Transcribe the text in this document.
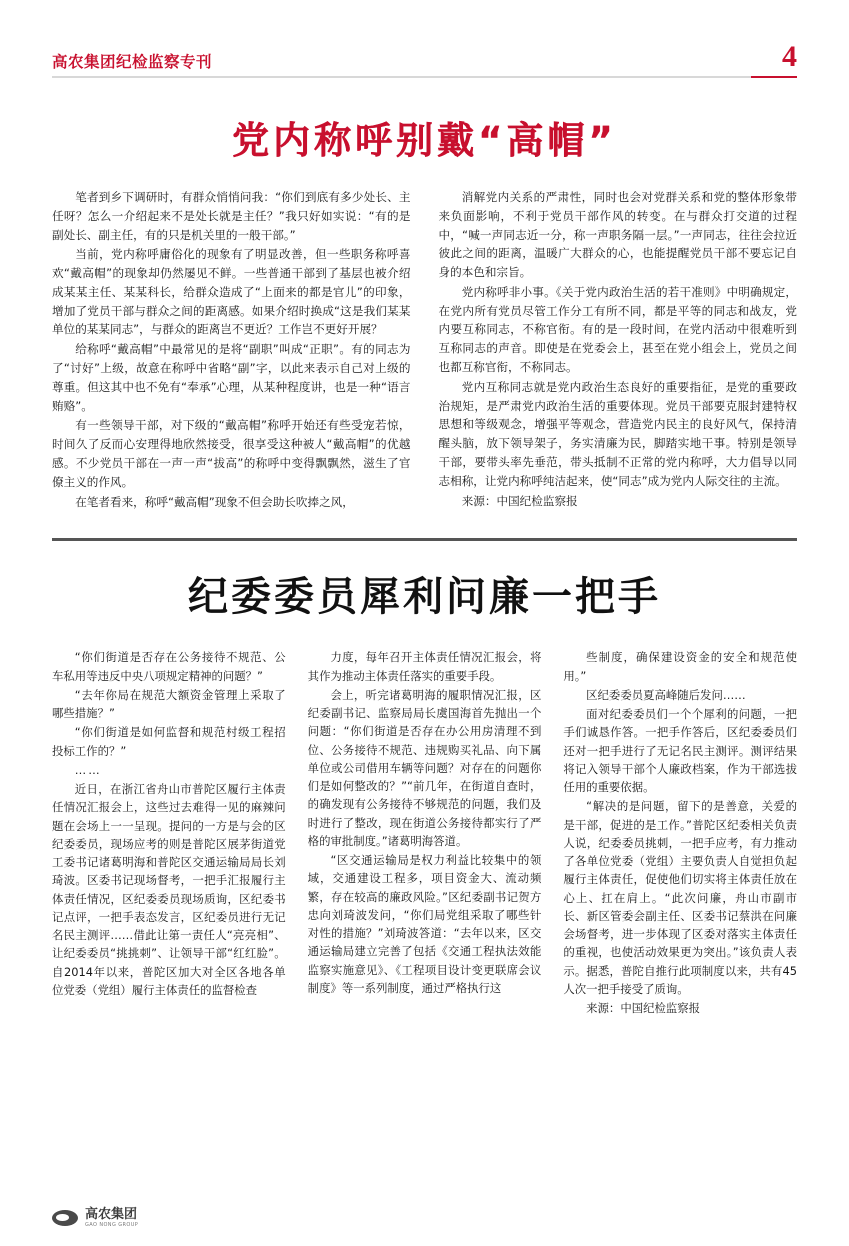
高农集团纪检监察专刊	4
党内称呼别戴“高帽”

笔者到乡下调研时，有群众悄悄问我：“你们到底有多少处长、主任呀？怎么一介绍起来不是处长就是主任？”我只好如实说：“有的是副处长、副主任，有的只是机关里的一般干部。”

当前，党内称呼庸俗化的现象有了明显改善，但一些职务称呼喜欢“戴高帽”的现象却仍然屡见不鲜。一些普通干部到了基层也被介绍成某某主任、某某科长，给群众造成了“上面来的都是官儿”的印象，增加了党员干部与群众之间的距离感。如果介绍时换成“这是我们某某单位的某某同志”，与群众的距离岂不更近？工作岂不更好开展？

给称呼“戴高帽”中最常见的是将“副职”叫成“正职”。有的同志为了“讨好”上级，故意在称呼中省略“副”字，以此来表示自己对上级的尊重。但这其中也不免有“奉承”心理，从某种程度讲，也是一种“语言贿赂”。

有一些领导干部，对下级的“戴高帽”称呼开始还有些受宠若惊，时间久了反而心安理得地欣然接受，很享受这种被人“戴高帽”的优越感。不少党员干部在一声一声“拔高”的称呼中变得飘飘然，滋生了官僚主义的作风。

在笔者看来，称呼“戴高帽”现象不但会助长吹捧之风，

消解党内关系的严肃性，同时也会对党群关系和党的整体形象带来负面影响，不利于党员干部作风的转变。在与群众打交道的过程中，“喊一声同志近一分，称一声职务隔一层。”一声同志，往往会拉近彼此之间的距离，温暖广大群众的心，也能提醒党员干部不要忘记自身的本色和宗旨。

党内称呼非小事。《关于党内政治生活的若干准则》中明确规定，在党内所有党员尽管工作分工有所不同，都是平等的同志和战友，党内要互称同志，不称官衔。有的是一段时间，在党内活动中很难听到互称同志的声音。即使是在党委会上，甚至在党小组会上，党员之间也都互称官衔，不称同志。

党内互称同志就是党内政治生态良好的重要指征，是党的重要政治规矩，是严肃党内政治生活的重要体现。党员干部要克服封建特权思想和等级观念，增强平等观念，营造党内民主的良好风气，保持清醒头脑，放下领导架子，务实清廉为民，脚踏实地干事。特别是领导干部，要带头率先垂范，带头抵制不正常的党内称呼，大力倡导以同志相称，让党内称呼纯洁起来，使“同志”成为党内人际交往的主流。

来源：中国纪检监察报

纪委委员犀利问廉一把手

“你们街道是否存在公务接待不规范、公车私用等违反中央八项规定精神的问题？”

“去年你局在规范大额资金管理上采取了哪些措施？”

“你们街道是如何监督和规范村级工程招投标工作的？”

……

近日，在浙江省舟山市普陀区履行主体责任情况汇报会上，这些过去难得一见的麻辣问题在会场上一一呈现。提问的一方是与会的区纪委委员，现场应考的则是普陀区展茅街道党工委书记诸葛明海和普陀区交通运输局局长刘琦波。区委书记现场督考，一把手汇报履行主体责任情况，区纪委委员现场质询，区纪委书记点评，一把手表态发言，区纪委员进行无记名民主测评……借此让第一责任人“亮亮相”、让纪委委员“挑挑刺”、让领导干部“红红脸”。自2014年以来，普陀区加大对全区各地各单位党委（党组）履行主体责任的监督检查

力度，每年召开主体责任情况汇报会，将其作为推动主体责任落实的重要手段。

会上，听完诸葛明海的履职情况汇报，区纪委副书记、监察局局长虞国海首先抛出一个问题：“你们街道是否存在办公用房清理不到位、公务接待不规范、违规购买礼品、向下属单位或公司借用车辆等问题？对存在的问题你们是如何整改的？”“前几年，在街道自查时，的确发现有公务接待不够规范的问题，我们及时进行了整改，现在街道公务接待都实行了严格的审批制度。”诸葛明海答道。

“区交通运输局是权力利益比较集中的领域，交通建设工程多，项目资金大、流动频繁，存在较高的廉政风险。”区纪委副书记贺方忠向刘琦波发问，“你们局党组采取了哪些针对性的措施？”刘琦波答道：“去年以来，区交通运输局建立完善了包括《交通工程执法效能监察实施意见》、《工程项目设计变更联席会议制度》等一系列制度，通过严格执行这

些制度，确保建设资金的安全和规范使用。”

区纪委委员夏高峰随后发问……

面对纪委委员们一个个犀利的问题，一把手们诚恳作答。一把手作答后，区纪委委员们还对一把手进行了无记名民主测评。测评结果将记入领导干部个人廉政档案，作为干部选拔任用的重要依据。

“解决的是问题，留下的是善意，关爱的是干部，促进的是工作。”普陀区纪委相关负责人说，纪委委员挑刺，一把手应考，有力推动了各单位党委（党组）主要负责人自觉担负起履行主体责任，促使他们切实将主体责任放在心上、扛在肩上。“此次问廉，舟山市副市长、新区管委会副主任、区委书记蔡洪在问廉会场督考，进一步体现了区委对落实主体责任的重视，也使活动效果更为突出。”该负责人表示。据悉，普陀自推行此项制度以来，共有45人次一把手接受了质询。

来源：中国纪检监察报

高农集团
GAO NONG GROUP
